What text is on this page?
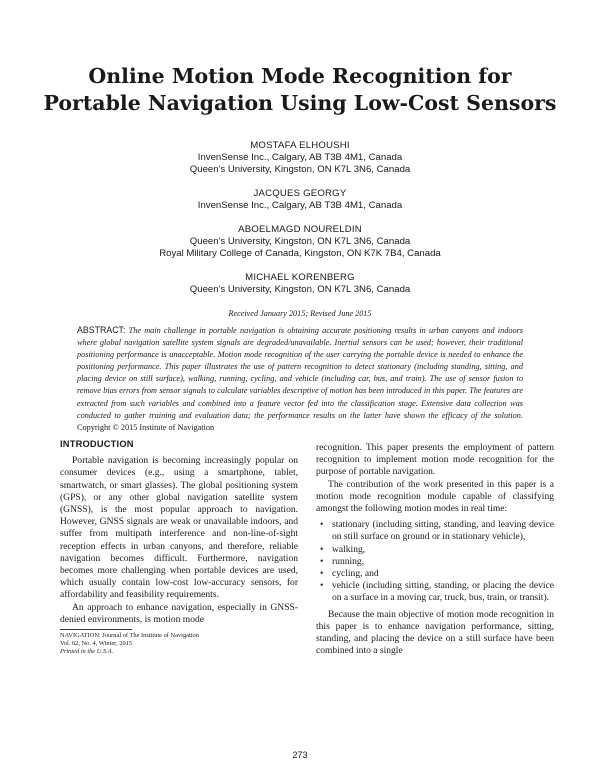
Online Motion Mode Recognition for Portable Navigation Using Low-Cost Sensors
MOSTAFA ELHOUSHI
InvenSense Inc., Calgary, AB T3B 4M1, Canada
Queen's University, Kingston, ON K7L 3N6, Canada
JACQUES GEORGY
InvenSense Inc., Calgary, AB T3B 4M1, Canada
ABOELMAGD NOURELDIN
Queen's University, Kingston, ON K7L 3N6, Canada
Royal Military College of Canada, Kingston, ON K7K 7B4, Canada
MICHAEL KORENBERG
Queen's University, Kingston, ON K7L 3N6, Canada
Received January 2015; Revised June 2015

ABSTRACT: The main challenge in portable navigation is obtaining accurate positioning results in urban canyons and indoors where global navigation satellite system signals are degraded/unavailable. Inertial sensors can be used; however, their traditional positioning performance is unacceptable. Motion mode recognition of the user carrying the portable device is needed to enhance the positioning performance. This paper illustrates the use of pattern recognition to detect stationary (including standing, sitting, and placing device on still surface), walking, running, cycling, and vehicle (including car, bus, and train). The use of sensor fusion to remove bias errors from sensor signals to calculate variables descriptive of motion has been introduced in this paper. The features are extracted from such variables and combined into a feature vector fed into the classification stage. Extensive data collection was conducted to gather training and evaluation data; the performance results on the latter have shown the efficacy of the solution. Copyright © 2015 Institute of Navigation

INTRODUCTION

Portable navigation is becoming increasingly popular on consumer devices (e.g., using a smartphone, tablet, smartwatch, or smart glasses). The global positioning system (GPS), or any other global navigation satellite system (GNSS), is the most popular approach to navigation. However, GNSS signals are weak or unavailable indoors, and suffer from multipath interference and non-line-of-sight reception effects in urban canyons, and therefore, reliable navigation becomes difficult. Furthermore, navigation becomes more challenging when portable devices are used, which usually contain low-cost low-accuracy sensors, for affordability and feasibility requirements.

An approach to enhance navigation, especially in GNSS-denied environments, is motion mode

NAVIGATION: Journal of The Institute of Navigation

Vol. 62, No. 4, Winter, 2015

Printed in the U.S.A.

recognition. This paper presents the employment of pattern recognition to implement motion mode recognition for the purpose of portable navigation.

The contribution of the work presented in this paper is a motion mode recognition module capable of classifying amongst the following motion modes in real time:

• stationary (including sitting, standing, and leaving device on still surface on ground or in stationary vehicle),
• walking,
• running,
• cycling, and
• vehicle (including sitting, standing, or placing the device on a surface in a moving car, truck, bus, train, or transit).

Because the main objective of motion mode recognition in this paper is to enhance navigation performance, sitting, standing, and placing the device on a still surface have been combined into a single

273
